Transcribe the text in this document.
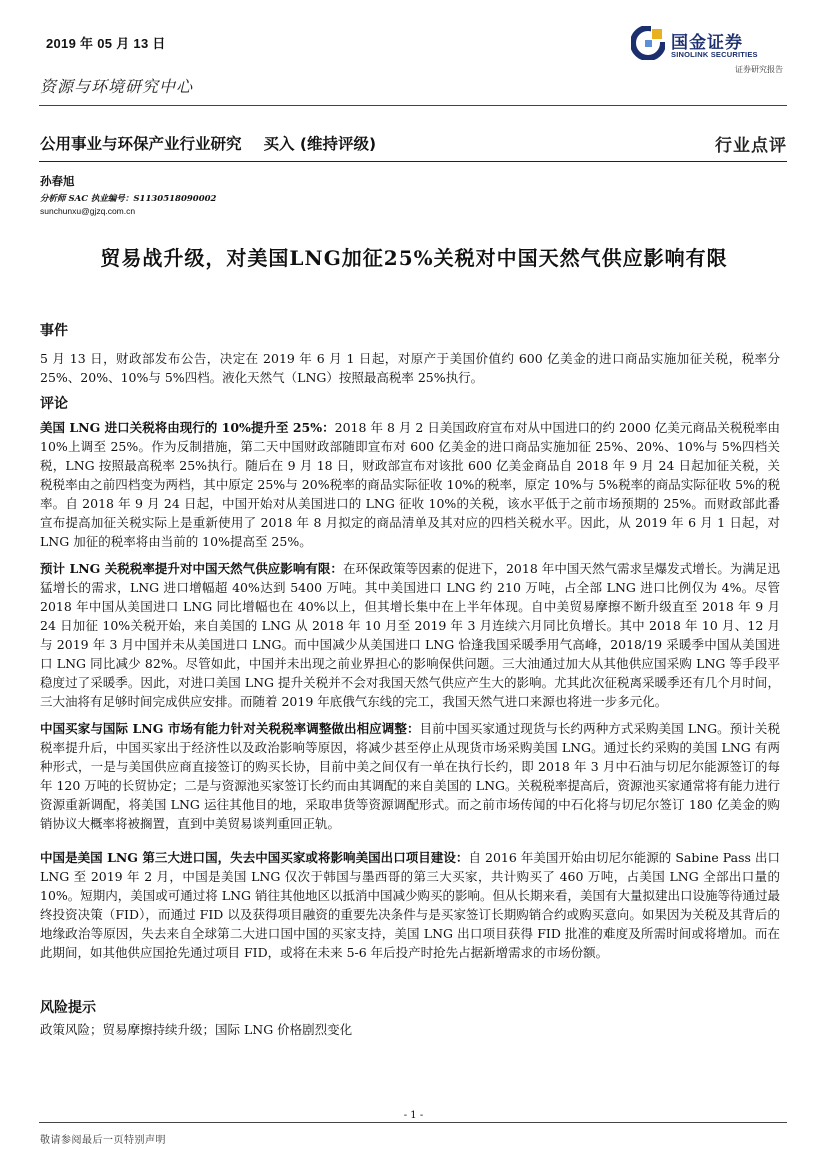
2019 年 05 月 13 日	国金证券
SINOLINK SECURITIES
证券研究报告
资源与环境研究中心
公用事业与环保产业行业研究 买入 (维持评级)	行业点评
孙春旭
分析师 SAC 执业编号：S1130518090002
sunchunxu@gjzq.com.cn
贸易战升级，对美国LNG加征25%关税对中国天然气供应影响有限
事件

5 月 13 日，财政部发布公告，决定在 2019 年 6 月 1 日起，对原产于美国价值约 600 亿美金的进口商品实施加征关税，税率分 25%、20%、10%与 5%四档。液化天然气（LNG）按照最高税率 25%执行。

评论

美国 LNG 进口关税将由现行的 10%提升至 25%：2018 年 8 月 2 日美国政府宣布对从中国进口的约 2000 亿美元商品关税税率由 10%上调至 25%。作为反制措施，第二天中国财政部随即宣布对 600 亿美金的进口商品实施加征 25%、20%、10%与 5%四档关税，LNG 按照最高税率 25%执行。随后在 9 月 18 日，财政部宣布对该批 600 亿美金商品自 2018 年 9 月 24 日起加征关税，关税税率由之前四档变为两档，其中原定 25%与 20%税率的商品实际征收 10%的税率，原定 10%与 5%税率的商品实际征收 5%的税率。自 2018 年 9 月 24 日起，中国开始对从美国进口的 LNG 征收 10%的关税，该水平低于之前市场预期的 25%。而财政部此番宣布提高加征关税实际上是重新使用了 2018 年 8 月拟定的商品清单及其对应的四档关税水平。因此，从 2019 年 6 月 1 日起，对 LNG 加征的税率将由当前的 10%提高至 25%。

预计 LNG 关税税率提升对中国天然气供应影响有限：在环保政策等因素的促进下，2018 年中国天然气需求呈爆发式增长。为满足迅猛增长的需求，LNG 进口增幅超 40%达到 5400 万吨。其中美国进口 LNG 约 210 万吨，占全部 LNG 进口比例仅为 4%。尽管 2018 年中国从美国进口 LNG 同比增幅也在 40%以上，但其增长集中在上半年体现。自中美贸易摩擦不断升级直至 2018 年 9 月 24 日加征 10%关税开始，来自美国的 LNG 从 2018 年 10 月至 2019 年 3 月连续六月同比负增长。其中 2018 年 10 月、12 月与 2019 年 3 月中国并未从美国进口 LNG。而中国减少从美国进口 LNG 恰逢我国采暖季用气高峰，2018/19 采暖季中国从美国进口 LNG 同比减少 82%。尽管如此，中国并未出现之前业界担心的影响保供问题。三大油通过加大从其他供应国采购 LNG 等手段平稳度过了采暖季。因此，对进口美国 LNG 提升关税并不会对我国天然气供应产生大的影响。尤其此次征税离采暖季还有几个月时间，三大油将有足够时间完成供应安排。而随着 2019 年底俄气东线的完工，我国天然气进口来源也将进一步多元化。

中国买家与国际 LNG 市场有能力针对关税税率调整做出相应调整：目前中国买家通过现货与长约两种方式采购美国 LNG。预计关税税率提升后，中国买家出于经济性以及政治影响等原因，将减少甚至停止从现货市场采购美国 LNG。通过长约采购的美国 LNG 有两种形式，一是与美国供应商直接签订的购买长协，目前中美之间仅有一单在执行长约，即 2018 年 3 月中石油与切尼尔能源签订的每年 120 万吨的长贸协定；二是与资源池买家签订长约而由其调配的来自美国的 LNG。关税税率提高后，资源池买家通常将有能力进行资源重新调配，将美国 LNG 运往其他目的地，采取串货等资源调配形式。而之前市场传闻的中石化将与切尼尔签订 180 亿美金的购销协议大概率将被搁置，直到中美贸易谈判重回正轨。

中国是美国 LNG 第三大进口国，失去中国买家或将影响美国出口项目建设：自 2016 年美国开始由切尼尔能源的 Sabine Pass 出口 LNG 至 2019 年 2 月，中国是美国 LNG 仅次于韩国与墨西哥的第三大买家，共计购买了 460 万吨，占美国 LNG 全部出口量的 10%。短期内，美国或可通过将 LNG 销往其他地区以抵消中国减少购买的影响。但从长期来看，美国有大量拟建出口设施等待通过最终投资决策（FID），而通过 FID 以及获得项目融资的重要先决条件与是买家签订长期购销合约或购买意向。如果因为关税及其背后的地缘政治等原因，失去来自全球第二大进口国中国的买家支持，美国 LNG 出口项目获得 FID 批准的难度及所需时间或将增加。而在此期间，如其他供应国抢先通过项目 FID，或将在未来 5-6 年后投产时抢先占据新增需求的市场份额。

风险提示

政策风险；贸易摩擦持续升级；国际 LNG 价格剧烈变化

- 1 -
敬请参阅最后一页特别声明
